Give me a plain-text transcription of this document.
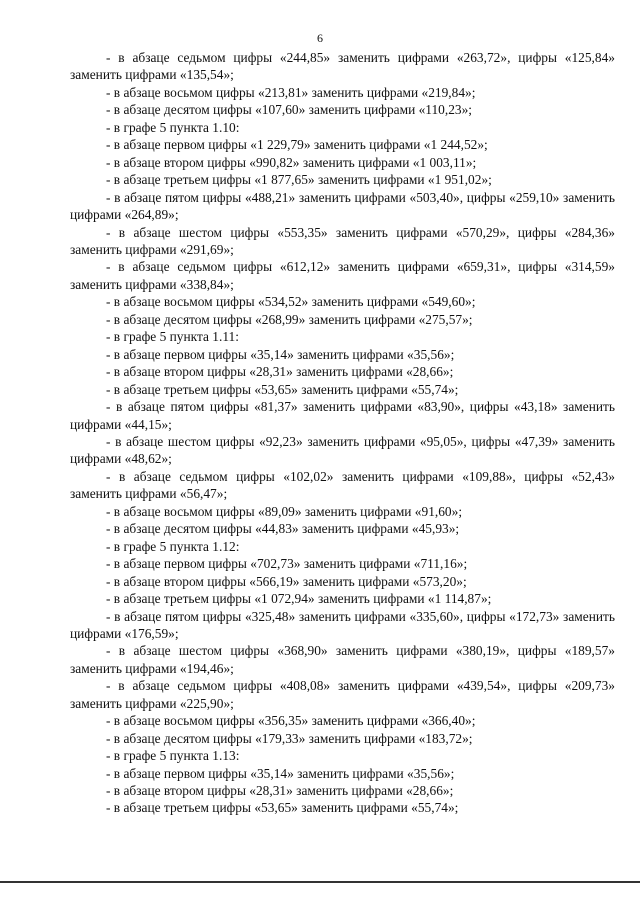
6

- в абзаце седьмом цифры «244,85» заменить цифрами «263,72», цифры «125,84» заменить цифрами «135,54»;

- в абзаце восьмом цифры «213,81» заменить цифрами «219,84»;

- в абзаце десятом цифры «107,60» заменить цифрами «110,23»;

- в графе 5 пункта 1.10:

- в абзаце первом цифры «1 229,79» заменить цифрами «1 244,52»;

- в абзаце втором цифры «990,82» заменить цифрами «1 003,11»;

- в абзаце третьем цифры «1 877,65» заменить цифрами «1 951,02»;

- в абзаце пятом цифры «488,21» заменить цифрами «503,40», цифры «259,10» заменить цифрами «264,89»;

- в абзаце шестом цифры «553,35» заменить цифрами «570,29», цифры «284,36» заменить цифрами «291,69»;

- в абзаце седьмом цифры «612,12» заменить цифрами «659,31», цифры «314,59» заменить цифрами «338,84»;

- в абзаце восьмом цифры «534,52» заменить цифрами «549,60»;

- в абзаце десятом цифры «268,99» заменить цифрами «275,57»;

- в графе 5 пункта 1.11:

- в абзаце первом цифры «35,14» заменить цифрами «35,56»;

- в абзаце втором цифры «28,31» заменить цифрами «28,66»;

- в абзаце третьем цифры «53,65» заменить цифрами «55,74»;

- в абзаце пятом цифры «81,37» заменить цифрами «83,90», цифры «43,18» заменить цифрами «44,15»;

- в абзаце шестом цифры «92,23» заменить цифрами «95,05», цифры «47,39» заменить цифрами «48,62»;

- в абзаце седьмом цифры «102,02» заменить цифрами «109,88», цифры «52,43» заменить цифрами «56,47»;

- в абзаце восьмом цифры «89,09» заменить цифрами «91,60»;

- в абзаце десятом цифры «44,83» заменить цифрами «45,93»;

- в графе 5 пункта 1.12:

- в абзаце первом цифры «702,73» заменить цифрами «711,16»;

- в абзаце втором цифры «566,19» заменить цифрами «573,20»;

- в абзаце третьем цифры «1 072,94» заменить цифрами «1 114,87»;

- в абзаце пятом цифры «325,48» заменить цифрами «335,60», цифры «172,73» заменить цифрами «176,59»;

- в абзаце шестом цифры «368,90» заменить цифрами «380,19», цифры «189,57» заменить цифрами «194,46»;

- в абзаце седьмом цифры «408,08» заменить цифрами «439,54», цифры «209,73» заменить цифрами «225,90»;

- в абзаце восьмом цифры «356,35» заменить цифрами «366,40»;

- в абзаце десятом цифры «179,33» заменить цифрами «183,72»;

- в графе 5 пункта 1.13:

- в абзаце первом цифры «35,14» заменить цифрами «35,56»;

- в абзаце втором цифры «28,31» заменить цифрами «28,66»;

- в абзаце третьем цифры «53,65» заменить цифрами «55,74»;
